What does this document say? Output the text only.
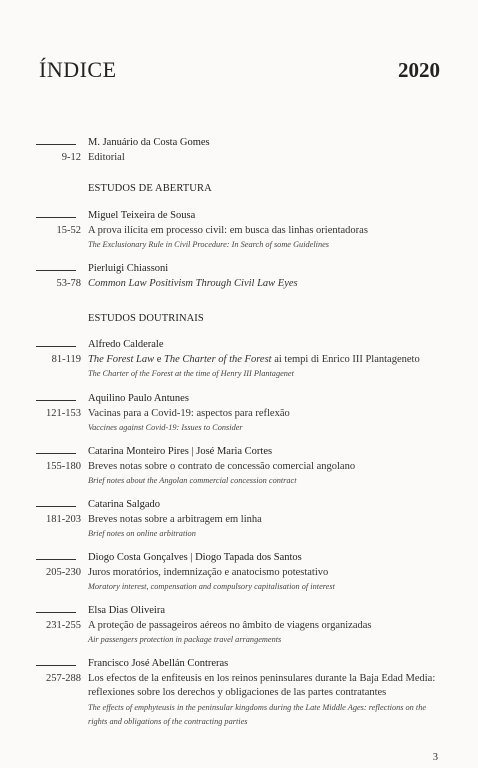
ÍNDICE	2020
M. Januário da Costa Gomes
9-12 Editorial
ESTUDOS DE ABERTURA
Miguel Teixeira de Sousa
15-52 A prova ilícita em processo civil: em busca das linhas orientadoras
The Exclusionary Rule in Civil Procedure: In Search of some Guidelines
Pierluigi Chiassoni
53-78 Common Law Positivism Through Civil Law Eyes
ESTUDOS DOUTRINAIS
Alfredo Calderale
81-119 The Forest Law e The Charter of the Forest ai tempi di Enrico III Plantageneto
The Charter of the Forest at the time of Henry III Plantagenet
Aquilino Paulo Antunes
121-153 Vacinas para a Covid-19: aspectos para reflexão
Vaccines against Covid-19: Issues to Consider
Catarina Monteiro Pires | José Maria Cortes
155-180 Breves notas sobre o contrato de concessão comercial angolano
Brief notes about the Angolan commercial concession contract
Catarina Salgado
181-203 Breves notas sobre a arbitragem em linha
Brief notes on online arbitration
Diogo Costa Gonçalves | Diogo Tapada dos Santos
205-230 Juros moratórios, indemnização e anatocismo potestativo
Moratory interest, compensation and compulsory capitalisation of interest
Elsa Dias Oliveira
231-255 A proteção de passageiros aéreos no âmbito de viagens organizadas
Air passengers protection in package travel arrangements
Francisco José Abellán Contreras
257-288 Los efectos de la enfiteusis en los reinos peninsulares durante la Baja Edad Media:
reflexiones sobre los derechos y obligaciones de las partes contratantes
The effects of emphyteusis in the peninsular kingdoms during the Late Middle Ages: reflections on the
rights and obligations of the contracting parties
3
